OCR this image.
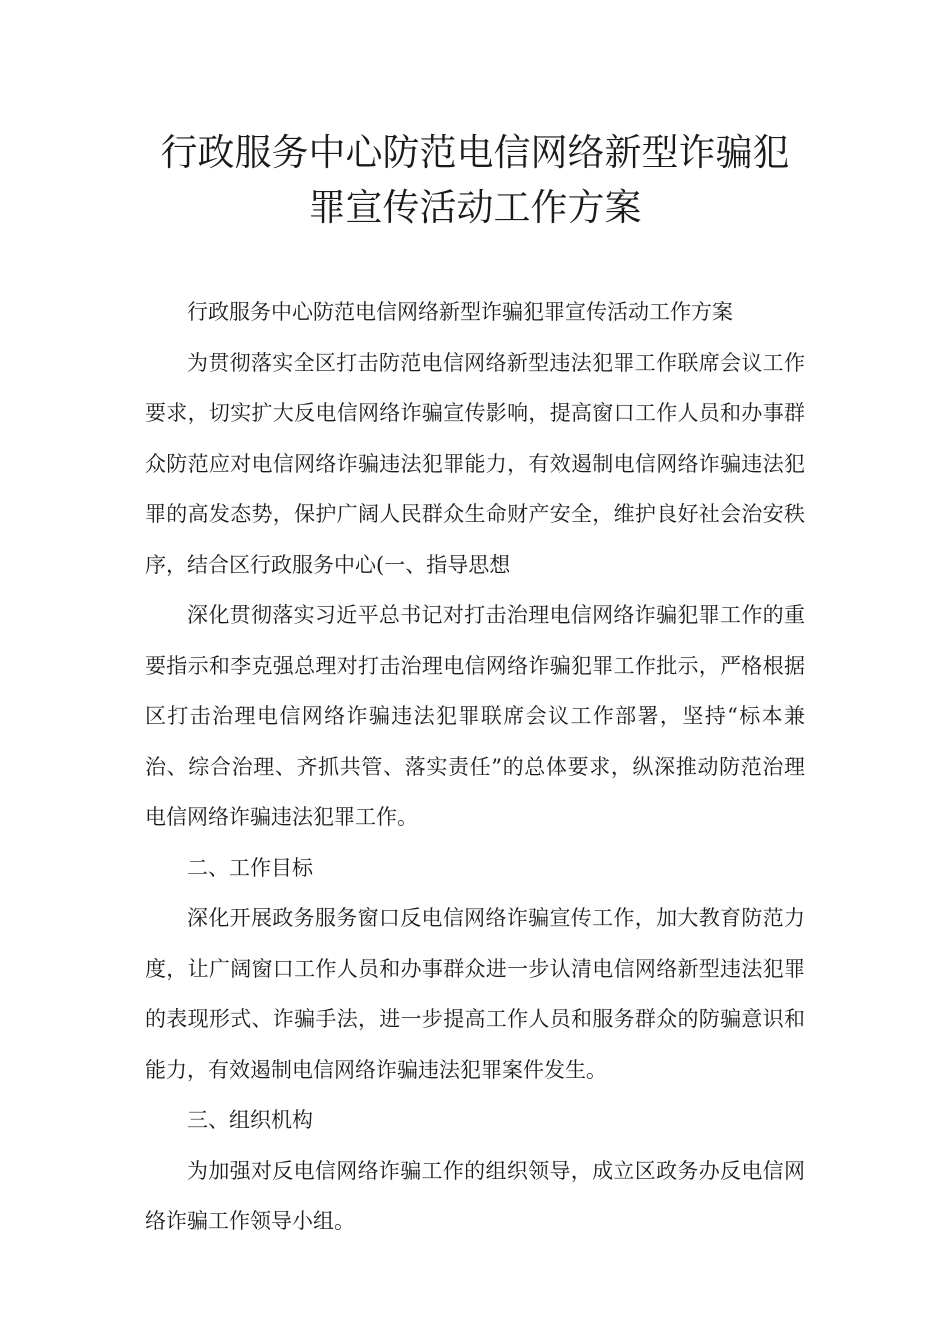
行政服务中心防范电信网络新型诈骗犯
罪宣传活动工作方案

行政服务中心防范电信网络新型诈骗犯罪宣传活动工作方案

为贯彻落实全区打击防范电信网络新型违法犯罪工作联席会议工作要求，切实扩大反电信网络诈骗宣传影响，提高窗口工作人员和办事群众防范应对电信网络诈骗违法犯罪能力，有效遏制电信网络诈骗违法犯罪的高发态势，保护广阔人民群众生命财产安全，维护良好社会治安秩序，结合区行政服务中心(一、指导思想

深化贯彻落实习近平总书记对打击治理电信网络诈骗犯罪工作的重要指示和李克强总理对打击治理电信网络诈骗犯罪工作批示，严格根据区打击治理电信网络诈骗违法犯罪联席会议工作部署，坚持“标本兼治、综合治理、齐抓共管、落实责任”的总体要求，纵深推动防范治理电信网络诈骗违法犯罪工作。

二、工作目标

深化开展政务服务窗口反电信网络诈骗宣传工作，加大教育防范力度，让广阔窗口工作人员和办事群众进一步认清电信网络新型违法犯罪的表现形式、诈骗手法，进一步提高工作人员和服务群众的防骗意识和能力，有效遏制电信网络诈骗违法犯罪案件发生。

三、组织机构

为加强对反电信网络诈骗工作的组织领导，成立区政务办反电信网络诈骗工作领导小组。
